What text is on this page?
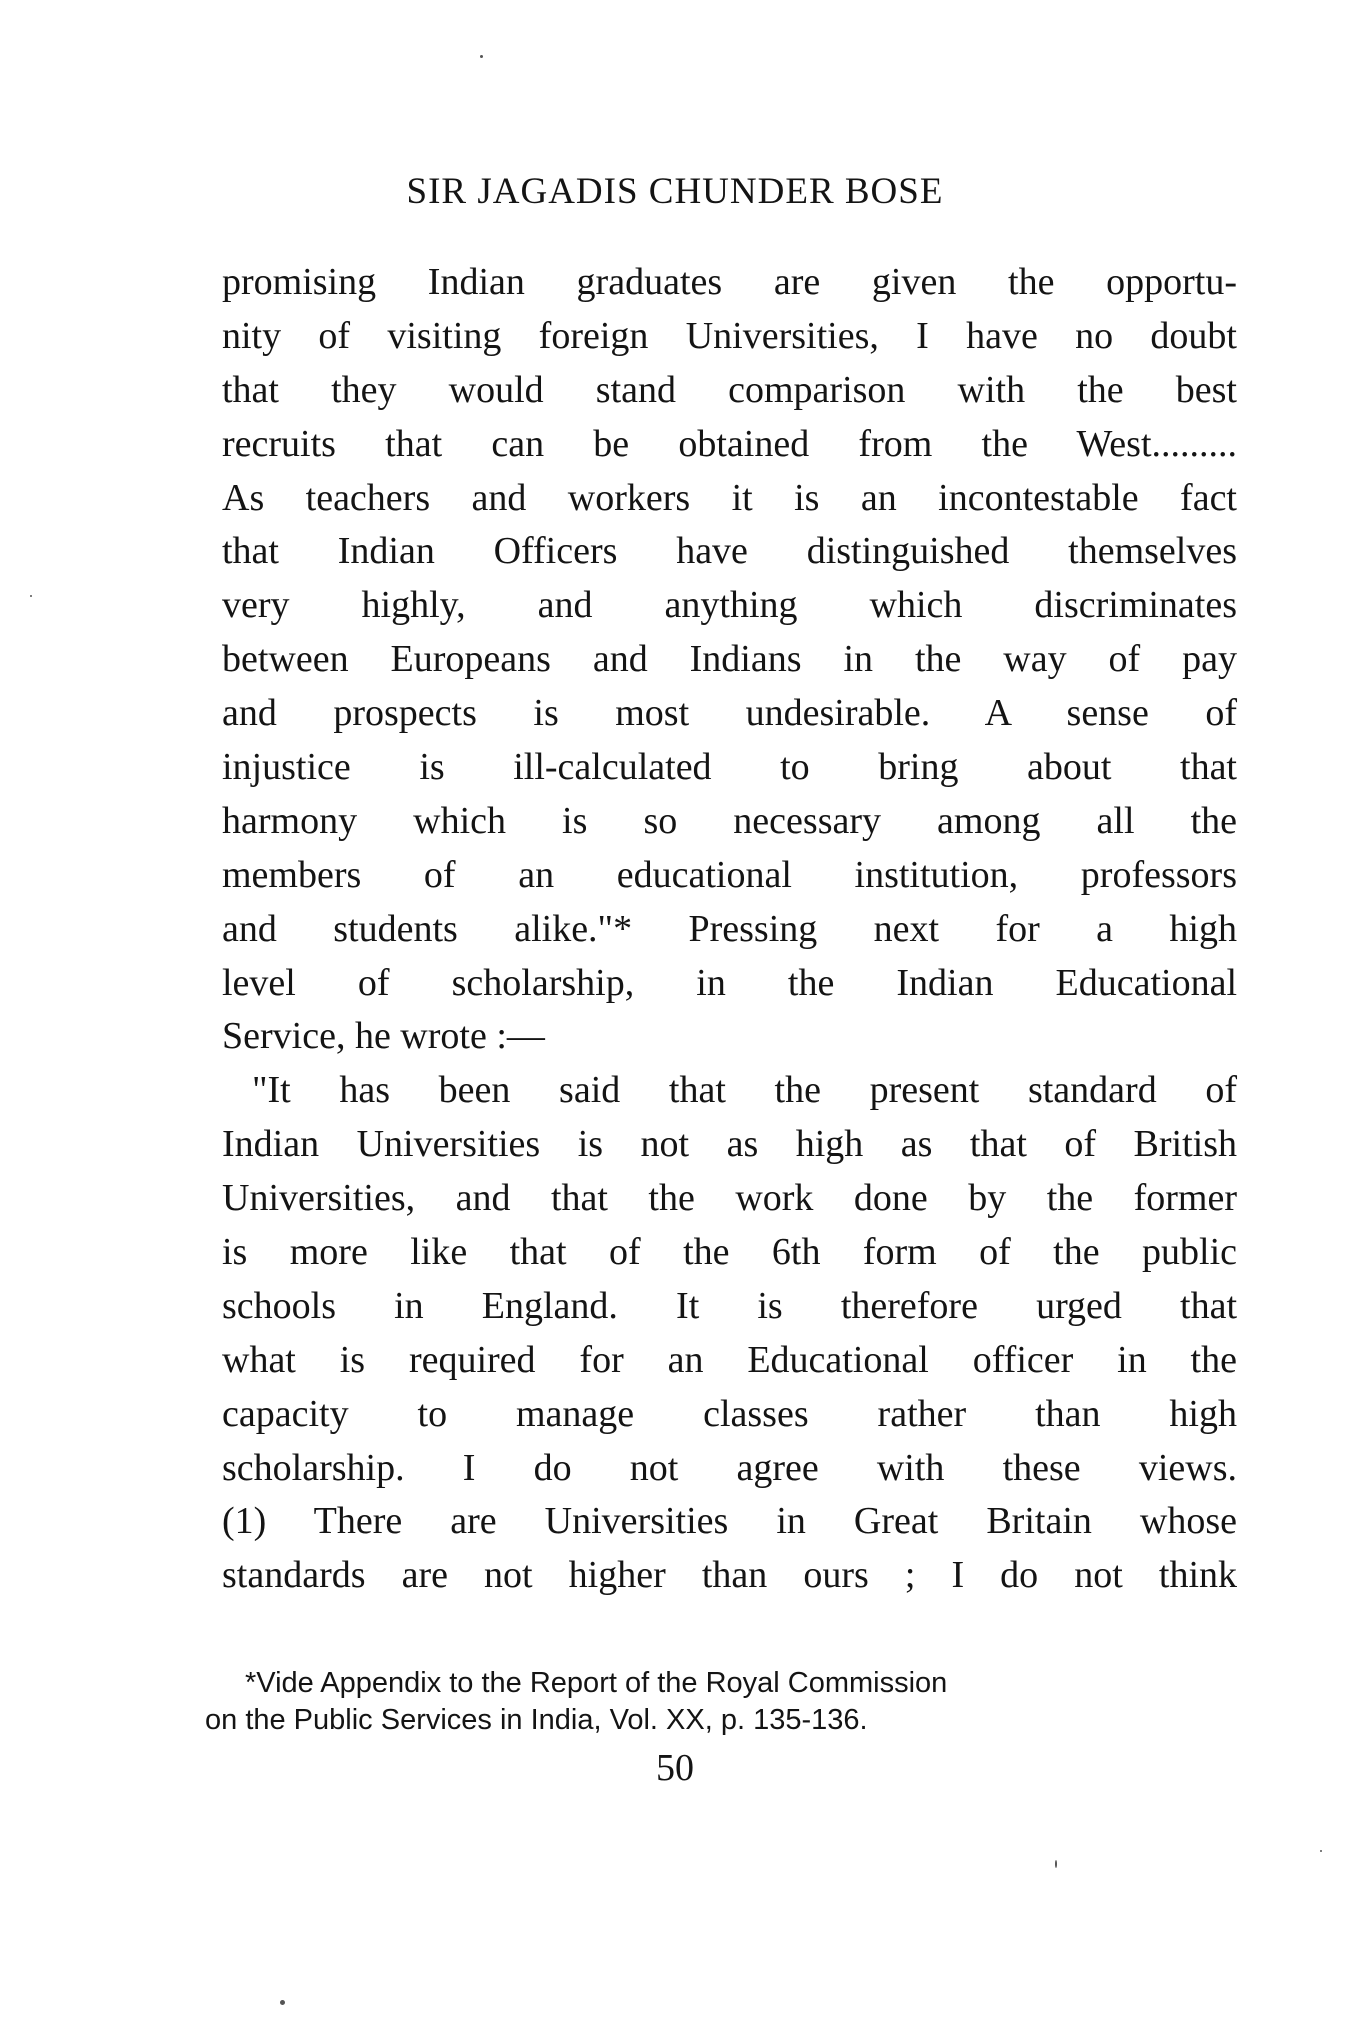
SIR JAGADIS CHUNDER BOSE
promising Indian graduates are given the opportu-
nity of visiting foreign Universities, I have no doubt
that they would stand comparison with the best
recruits that can be obtained from the West.........
As teachers and workers it is an incontestable fact
that Indian Officers have distinguished themselves
very highly, and anything which discriminates
between Europeans and Indians in the way of pay
and prospects is most undesirable. A sense of
injustice is ill-calculated to bring about that
harmony which is so necessary among all the
members of an educational institution, professors
and students alike."* Pressing next for a high
level of scholarship, in the Indian Educational
Service, he wrote :—
"It has been said that the present standard of
Indian Universities is not as high as that of British
Universities, and that the work done by the former
is more like that of the 6th form of the public
schools in England. It is therefore urged that
what is required for an Educational officer in the
capacity to manage classes rather than high
scholarship. I do not agree with these views.
(1) There are Universities in Great Britain whose
standards are not higher than ours ; I do not think
*Vide Appendix to the Report of the Royal Commission
on the Public Services in India, Vol. XX, p. 135-136.
50
